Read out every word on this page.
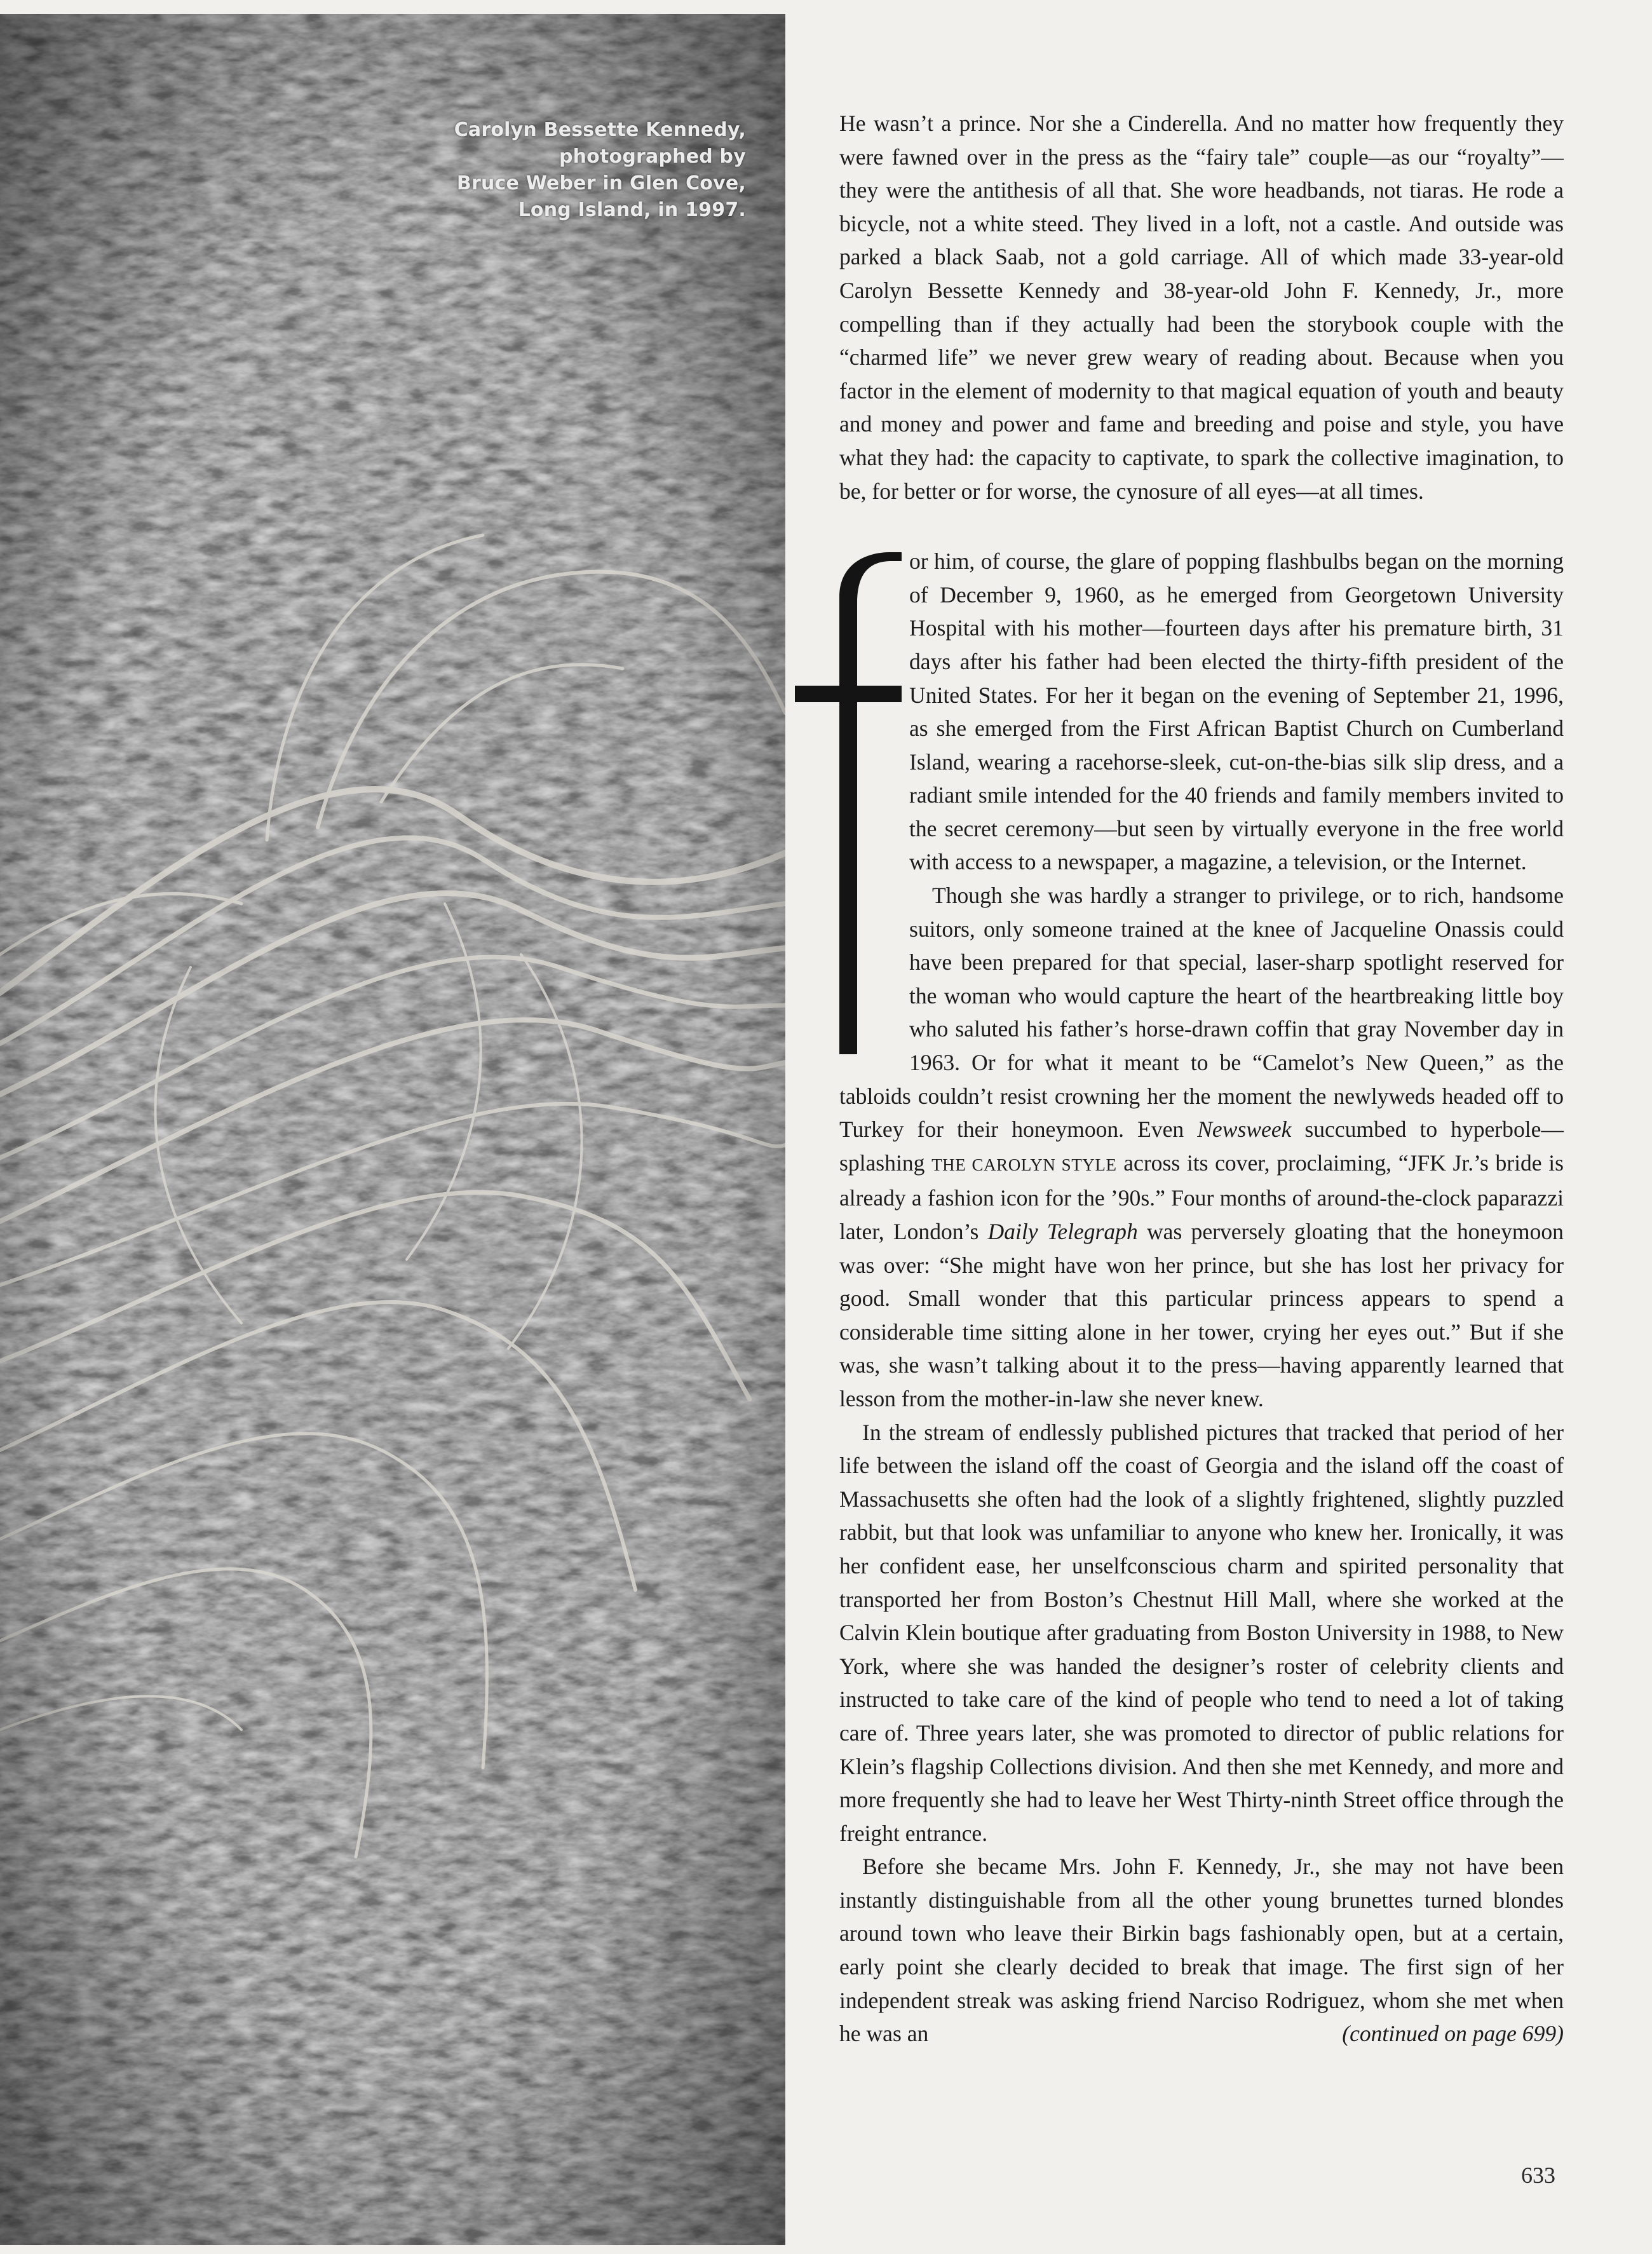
Carolyn Bessette Kennedy,
photographed by
Bruce Weber in Glen Cove,
Long Island, in 1997.

He wasn’t a prince. Nor she a Cinderella. And no matter how frequently they were fawned over in the press as the “fairy tale” couple—as our “royalty”—they were the antithesis of all that. She wore headbands, not tiaras. He rode a bicycle, not a white steed. They lived in a loft, not a castle. And outside was parked a black Saab, not a gold carriage. All of which made 33-year-old Carolyn Bessette Kennedy and 38-year-old John F. Kennedy, Jr., more compelling than if they actually had been the storybook couple with the “charmed life” we never grew weary of reading about. Because when you factor in the element of modernity to that magical equation of youth and beauty and money and power and fame and breeding and poise and style, you have what they had: the capacity to captivate, to spark the collective imagination, to be, for better or for worse, the cynosure of all eyes—at all times.

or him, of course, the glare of popping flashbulbs began on the morning of December 9, 1960, as he emerged from Georgetown University Hospital with his mother—fourteen days after his premature birth, 31 days after his father had been elected the thirty-fifth president of the United States. For her it began on the evening of September 21, 1996, as she emerged from the First African Baptist Church on Cumberland Island, wearing a racehorse-sleek, cut-on-the-bias silk slip dress, and a radiant smile intended for the 40 friends and family members invited to the secret ceremony—but seen by virtually everyone in the free world with access to a newspaper, a magazine, a television, or the Internet.

Though she was hardly a stranger to privilege, or to rich, handsome suitors, only someone trained at the knee of Jacqueline Onassis could have been prepared for that special, laser-sharp spotlight reserved for the woman who would capture the heart of the heartbreaking little boy who saluted his father’s horse-drawn coffin that gray November day in 1963. Or for what it meant to be “Camelot’s New Queen,” as the tabloids couldn’t resist crowning her the moment the newlyweds headed off to Turkey for their honeymoon. Even Newsweek succumbed to hyperbole—splashing THE CAROLYN STYLE across its cover, proclaiming, “JFK Jr.’s bride is already a fashion icon for the ’90s.” Four months of around-the-clock paparazzi later, London’s Daily Telegraph was perversely gloating that the honeymoon was over: “She might have won her prince, but she has lost her privacy for good. Small wonder that this particular princess appears to spend a considerable time sitting alone in her tower, crying her eyes out.” But if she was, she wasn’t talking about it to the press—having apparently learned that lesson from the mother-in-law she never knew.

In the stream of endlessly published pictures that tracked that period of her life between the island off the coast of Georgia and the island off the coast of Massachusetts she often had the look of a slightly frightened, slightly puzzled rabbit, but that look was unfamiliar to anyone who knew her. Ironically, it was her confident ease, her unselfconscious charm and spirited personality that transported her from Boston’s Chestnut Hill Mall, where she worked at the Calvin Klein boutique after graduating from Boston University in 1988, to New York, where she was handed the designer’s roster of celebrity clients and instructed to take care of the kind of people who tend to need a lot of taking care of. Three years later, she was promoted to director of public relations for Klein’s flagship Collections division. And then she met Kennedy, and more and more frequently she had to leave her West Thirty-ninth Street office through the freight entrance.

Before she became Mrs. John F. Kennedy, Jr., she may not have been instantly distinguishable from all the other young brunettes turned blondes around town who leave their Birkin bags fashionably open, but at a certain, early point she clearly decided to break that image. The first sign of her independent streak was asking friend Narciso Rodriguez, whom she met when he was an	(continued on page 699)

633
